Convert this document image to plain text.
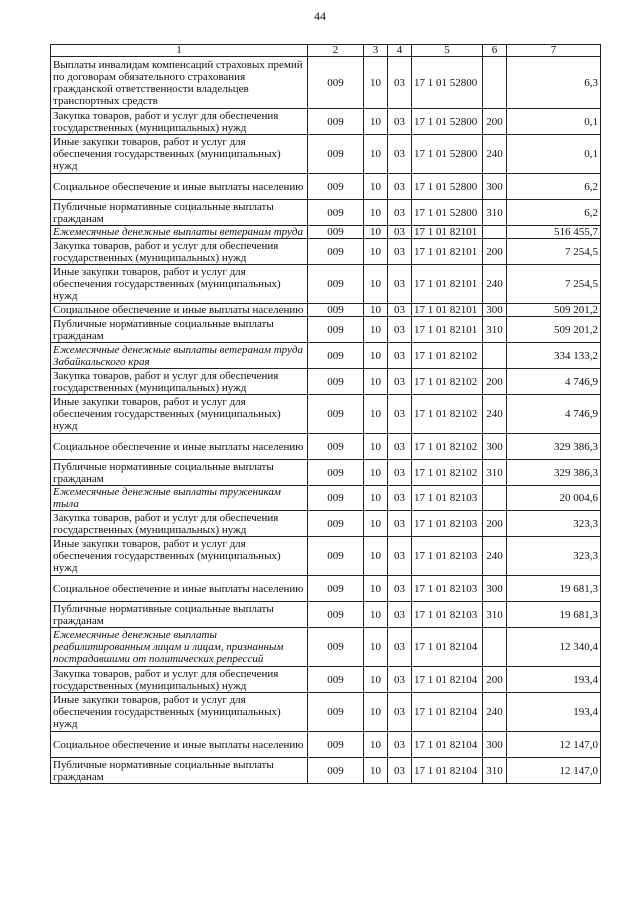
44
1	2	3	4	5	6	7
Выплаты инвалидам компенсаций страховых премий по договорам обязательного страхования гражданской ответственности владельцев транспортных средств	009	10	03	17 1 01 52800		6,3
Закупка товаров, работ и услуг для обеспечения государственных (муниципальных) нужд	009	10	03	17 1 01 52800	200	0,1
Иные закупки товаров, работ и услуг для обеспечения государственных (муниципальных) нужд	009	10	03	17 1 01 52800	240	0,1
Социальное обеспечение и иные выплаты населению	009	10	03	17 1 01 52800	300	6,2
Публичные нормативные социальные выплаты гражданам	009	10	03	17 1 01 52800	310	6,2
Ежемесячные денежные выплаты ветеранам труда	009	10	03	17 1 01 82101		516 455,7
Закупка товаров, работ и услуг для обеспечения государственных (муниципальных) нужд	009	10	03	17 1 01 82101	200	7 254,5
Иные закупки товаров, работ и услуг для обеспечения государственных (муниципальных) нужд	009	10	03	17 1 01 82101	240	7 254,5
Социальное обеспечение и иные выплаты населению	009	10	03	17 1 01 82101	300	509 201,2
Публичные нормативные социальные выплаты гражданам	009	10	03	17 1 01 82101	310	509 201,2
Ежемесячные денежные выплаты ветеранам труда Забайкальского края	009	10	03	17 1 01 82102		334 133,2
Закупка товаров, работ и услуг для обеспечения государственных (муниципальных) нужд	009	10	03	17 1 01 82102	200	4 746,9
Иные закупки товаров, работ и услуг для обеспечения государственных (муниципальных) нужд	009	10	03	17 1 01 82102	240	4 746,9
Социальное обеспечение и иные выплаты населению	009	10	03	17 1 01 82102	300	329 386,3
Публичные нормативные социальные выплаты гражданам	009	10	03	17 1 01 82102	310	329 386,3
Ежемесячные денежные выплаты труженикам тыла	009	10	03	17 1 01 82103		20 004,6
Закупка товаров, работ и услуг для обеспечения государственных (муниципальных) нужд	009	10	03	17 1 01 82103	200	323,3
Иные закупки товаров, работ и услуг для обеспечения государственных (муниципальных) нужд	009	10	03	17 1 01 82103	240	323,3
Социальное обеспечение и иные выплаты населению	009	10	03	17 1 01 82103	300	19 681,3
Публичные нормативные социальные выплаты гражданам	009	10	03	17 1 01 82103	310	19 681,3
Ежемесячные денежные выплаты реабилитированным лицам и лицам, признанным пострадавшими от политических репрессий	009	10	03	17 1 01 82104		12 340,4
Закупка товаров, работ и услуг для обеспечения государственных (муниципальных) нужд	009	10	03	17 1 01 82104	200	193,4
Иные закупки товаров, работ и услуг для обеспечения государственных (муниципальных) нужд	009	10	03	17 1 01 82104	240	193,4
Социальное обеспечение и иные выплаты населению	009	10	03	17 1 01 82104	300	12 147,0
Публичные нормативные социальные выплаты гражданам	009	10	03	17 1 01 82104	310	12 147,0
